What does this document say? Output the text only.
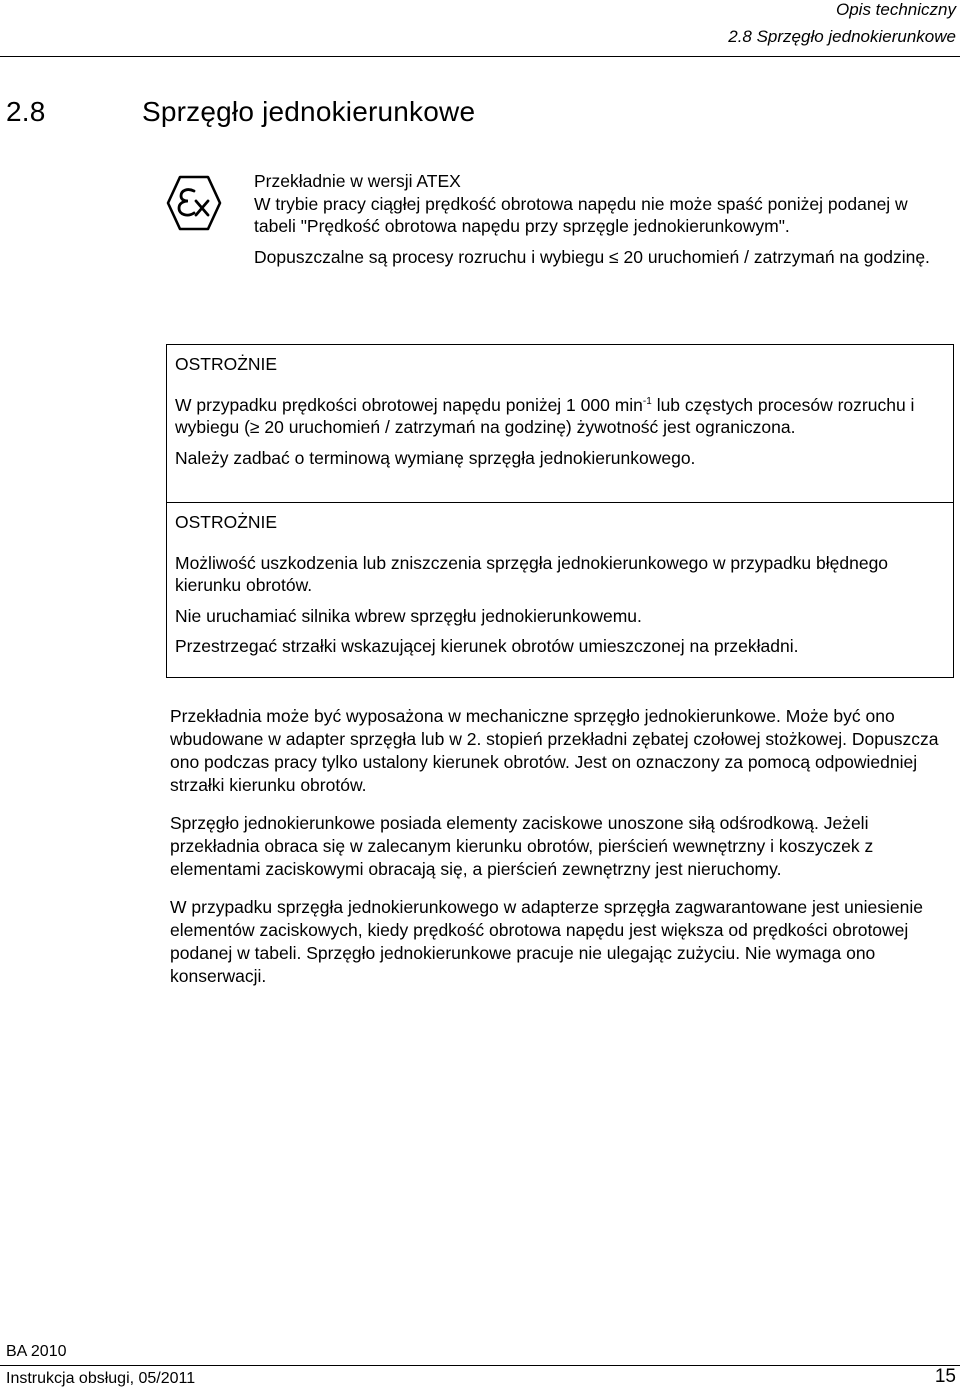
Opis techniczny
2.8 Sprzęgło jednokierunkowe
2.8	Sprzęgło jednokierunkowe

Przekładnie w wersji ATEX

W trybie pracy ciągłej prędkość obrotowa napędu nie może spaść poniżej podanej w tabeli "Prędkość obrotowa napędu przy sprzęgle jednokierunkowym".

Dopuszczalne są procesy rozruchu i wybiegu ≤ 20 uruchomień / zatrzymań na godzinę.

OSTROŻNIE

W przypadku prędkości obrotowej napędu poniżej 1 000 $\min^{-1}$ lub częstych procesów rozruchu i wybiegu (≥ 20 uruchomień / zatrzymań na godzinę) żywotność jest ograniczona.

Należy zadbać o terminową wymianę sprzęgła jednokierunkowego.

OSTROŻNIE

Możliwość uszkodzenia lub zniszczenia sprzęgła jednokierunkowego w przypadku błędnego kierunku obrotów.

Nie uruchamiać silnika wbrew sprzęgłu jednokierunkowemu.

Przestrzegać strzałki wskazującej kierunek obrotów umieszczonej na przekładni.

Przekładnia może być wyposażona w mechaniczne sprzęgło jednokierunkowe. Może być ono wbudowane w adapter sprzęgła lub w 2. stopień przekładni zębatej czołowej stożkowej. Dopuszcza ono podczas pracy tylko ustalony kierunek obrotów. Jest on oznaczony za pomocą odpowiedniej strzałki kierunku obrotów.

Sprzęgło jednokierunkowe posiada elementy zaciskowe unoszone siłą odśrodkową. Jeżeli przekładnia obraca się w zalecanym kierunku obrotów, pierścień wewnętrzny i koszyczek z elementami zaciskowymi obracają się, a pierścień zewnętrzny jest nieruchomy.

W przypadku sprzęgła jednokierunkowego w adapterze sprzęgła zagwarantowane jest uniesienie elementów zaciskowych, kiedy prędkość obrotowa napędu jest większa od prędkości obrotowej podanej w tabeli. Sprzęgło jednokierunkowe pracuje nie ulegając zużyciu. Nie wymaga ono konserwacji.

BA 2010
Instrukcja obsługi, 05/2011	15
